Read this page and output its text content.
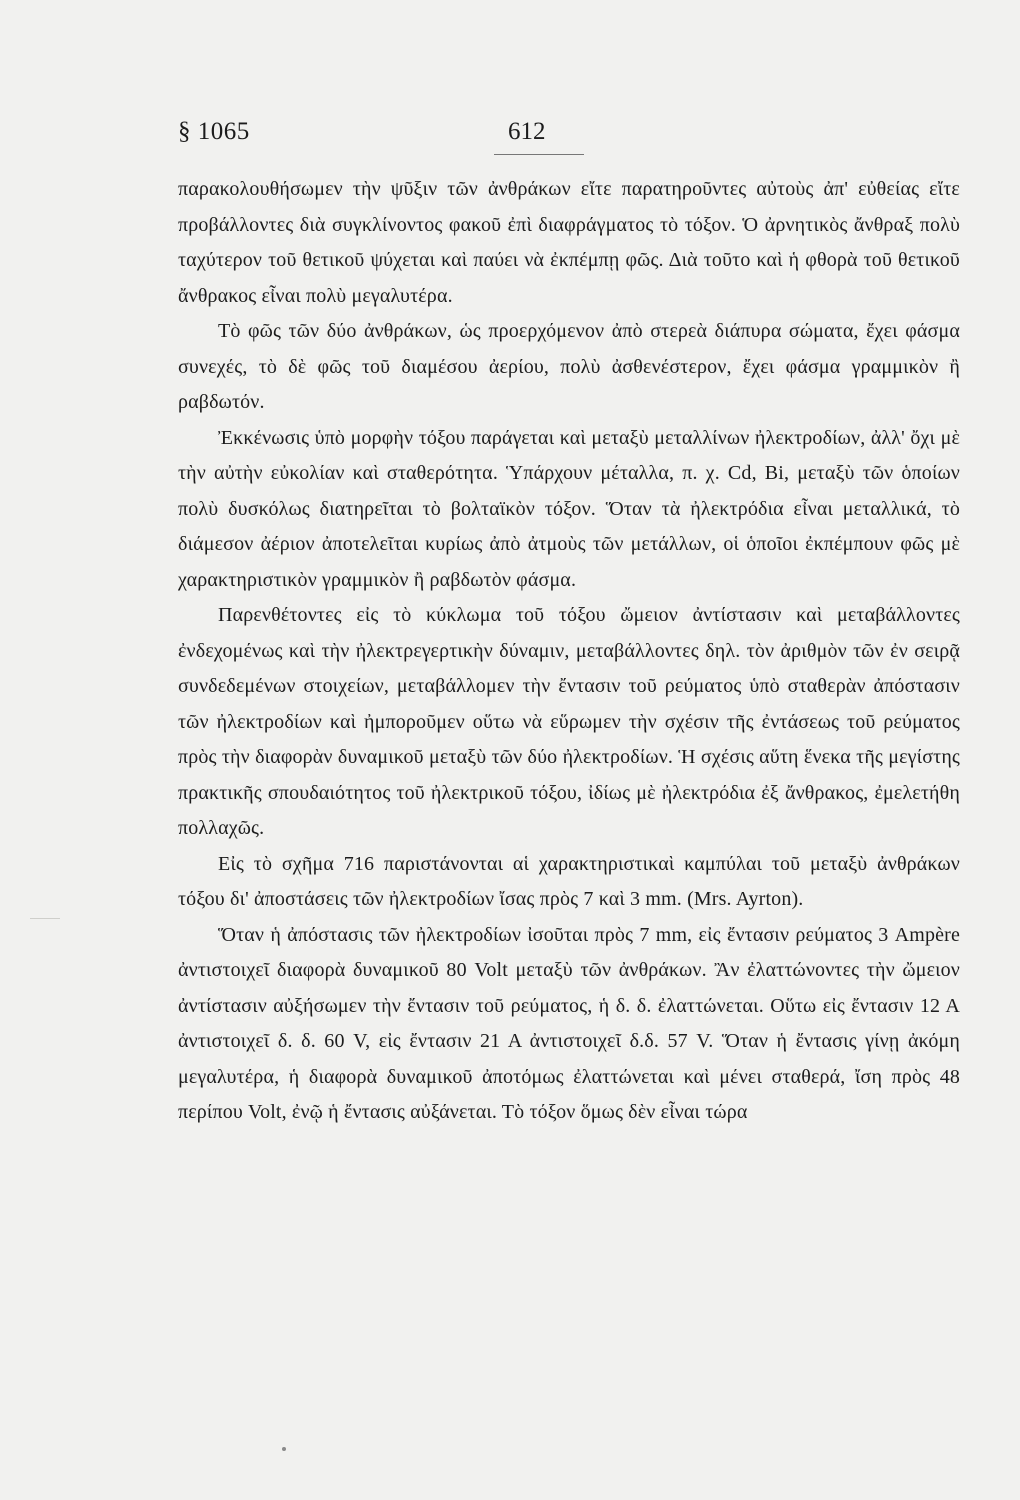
§ 1065	612

παρακολουθήσωμεν τὴν ψῦξιν τῶν ἀνθράκων εἴτε παρατηροῦντες αὐτοὺς ἀπ' εὐθείας εἴτε προβάλλοντες διὰ συγκλίνοντος φακοῦ ἐπὶ διαφράγματος τὸ τόξον. Ὁ ἀρνητικὸς ἄνθραξ πολὺ ταχύτερον τοῦ θετικοῦ ψύχεται καὶ παύει νὰ ἐκπέμπῃ φῶς. Διὰ τοῦτο καὶ ἡ φθορὰ τοῦ θετικοῦ ἄνθρακος εἶναι πολὺ μεγαλυτέρα.

Τὸ φῶς τῶν δύο ἀνθράκων, ὡς προερχόμενον ἀπὸ στερεὰ διάπυρα σώματα, ἔχει φάσμα συνεχές, τὸ δὲ φῶς τοῦ διαμέσου ἀερίου, πολὺ ἀσθενέστερον, ἔχει φάσμα γραμμικὸν ἢ ραβδωτόν.

Ἐκκένωσις ὑπὸ μορφὴν τόξου παράγεται καὶ μεταξὺ μεταλλίνων ἠλεκτροδίων, ἀλλ' ὄχι μὲ τὴν αὐτὴν εὐκολίαν καὶ σταθερότητα. Ὑπάρχουν μέταλλα, π. χ. Cd, Bi, μεταξὺ τῶν ὁποίων πολὺ δυσκόλως διατηρεῖται τὸ βολταϊκὸν τόξον. Ὅταν τὰ ἠλεκτρόδια εἶναι μεταλλικά, τὸ διάμεσον ἀέριον ἀποτελεῖται κυρίως ἀπὸ ἀτμοὺς τῶν μετάλλων, οἱ ὁποῖοι ἐκπέμπουν φῶς μὲ χαρακτηριστικὸν γραμμικὸν ἢ ραβδωτὸν φάσμα.

Παρενθέτοντες εἰς τὸ κύκλωμα τοῦ τόξου ὤμειον ἀντίστασιν καὶ μεταβάλλοντες ἐνδεχομένως καὶ τὴν ἠλεκτρεγερτικὴν δύναμιν, μεταβάλλοντες δηλ. τὸν ἀριθμὸν τῶν ἐν σειρᾷ συνδεδεμένων στοιχείων, μεταβάλλομεν τὴν ἔντασιν τοῦ ρεύματος ὑπὸ σταθερὰν ἀπόστασιν τῶν ἠλεκτροδίων καὶ ἠμποροῦμεν οὕτω νὰ εὕρωμεν τὴν σχέσιν τῆς ἐντάσεως τοῦ ρεύματος πρὸς τὴν διαφορὰν δυναμικοῦ μεταξὺ τῶν δύο ἠλεκτροδίων. Ἡ σχέσις αὕτη ἕνεκα τῆς μεγίστης πρακτικῆς σπουδαιότητος τοῦ ἠλεκτρικοῦ τόξου, ἰδίως μὲ ἠλεκτρόδια ἐξ ἄνθρακος, ἐμελετήθη πολλαχῶς.

Εἰς τὸ σχῆμα 716 παριστάνονται αἱ χαρακτηριστικαὶ καμπύλαι τοῦ μεταξὺ ἀνθράκων τόξου δι' ἀποστάσεις τῶν ἠλεκτροδίων ἴσας πρὸς 7 καὶ 3 mm. (Mrs. Ayrton).

Ὅταν ἡ ἀπόστασις τῶν ἠλεκτροδίων ἰσοῦται πρὸς 7 mm, εἰς ἔντασιν ρεύματος 3 Ampère ἀντιστοιχεῖ διαφορὰ δυναμικοῦ 80 Volt μεταξὺ τῶν ἀνθράκων. Ἂν ἐλαττώνοντες τὴν ὤμειον ἀντίστασιν αὐξήσωμεν τὴν ἔντασιν τοῦ ρεύματος, ἡ δ. δ. ἐλαττώνεται. Οὕτω εἰς ἔντασιν 12 Α ἀντιστοιχεῖ δ. δ. 60 V, εἰς ἔντασιν 21 Α ἀντιστοιχεῖ δ.δ. 57 V. Ὅταν ἡ ἔντασις γίνῃ ἀκόμη μεγαλυτέρα, ἡ διαφορὰ δυναμικοῦ ἀποτόμως ἐλαττώνεται καὶ μένει σταθερά, ἴση πρὸς 48 περίπου Volt, ἐνῷ ἡ ἔντασις αὐξάνεται. Τὸ τόξον ὅμως δὲν εἶναι τώρα
